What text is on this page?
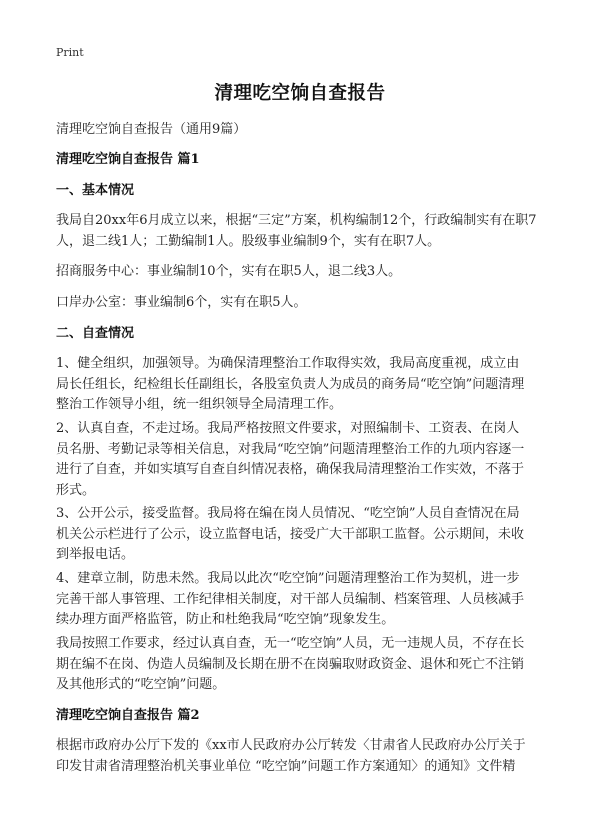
Print
清理吃空饷自查报告

清理吃空饷自查报告（通用9篇）

清理吃空饷自查报告 篇1

一、基本情况

我局自20xx年6月成立以来，根据“三定”方案，机构编制12个，行政编制实有在职7
人，退二线1人；工勤编制1人。股级事业编制9个，实有在职7人。

招商服务中心：事业编制10个，实有在职5人，退二线3人。

口岸办公室：事业编制6个，实有在职5人。

二、自查情况

1、健全组织，加强领导。为确保清理整治工作取得实效，我局高度重视，成立由
局长任组长，纪检组长任副组长，各股室负责人为成员的商务局“吃空饷”问题清理
整治工作领导小组，统一组织领导全局清理工作。

2、认真自查，不走过场。我局严格按照文件要求，对照编制卡、工资表、在岗人
员名册、考勤记录等相关信息，对我局“吃空饷”问题清理整治工作的九项内容逐一
进行了自查，并如实填写自查自纠情况表格，确保我局清理整治工作实效，不落于
形式。

3、公开公示，接受监督。我局将在编在岗人员情况、“吃空饷”人员自查情况在局
机关公示栏进行了公示，设立监督电话，接受广大干部职工监督。公示期间，未收
到举报电话。

4、建章立制，防患未然。我局以此次“吃空饷”问题清理整治工作为契机，进一步
完善干部人事管理、工作纪律相关制度，对干部人员编制、档案管理、人员核减手
续办理方面严格监管，防止和杜绝我局“吃空饷”现象发生。

我局按照工作要求，经过认真自查，无一“吃空饷”人员，无一违规人员，不存在长
期在编不在岗、伪造人员编制及长期在册不在岗骗取财政资金、退休和死亡不注销
及其他形式的“吃空饷”问题。

清理吃空饷自查报告 篇2

根据市政府办公厅下发的《xx市人民政府办公厅转发〈甘肃省人民政府办公厅关于
印发甘肃省清理整治机关事业单位 “吃空饷”问题工作方案通知〉的通知》文件精
